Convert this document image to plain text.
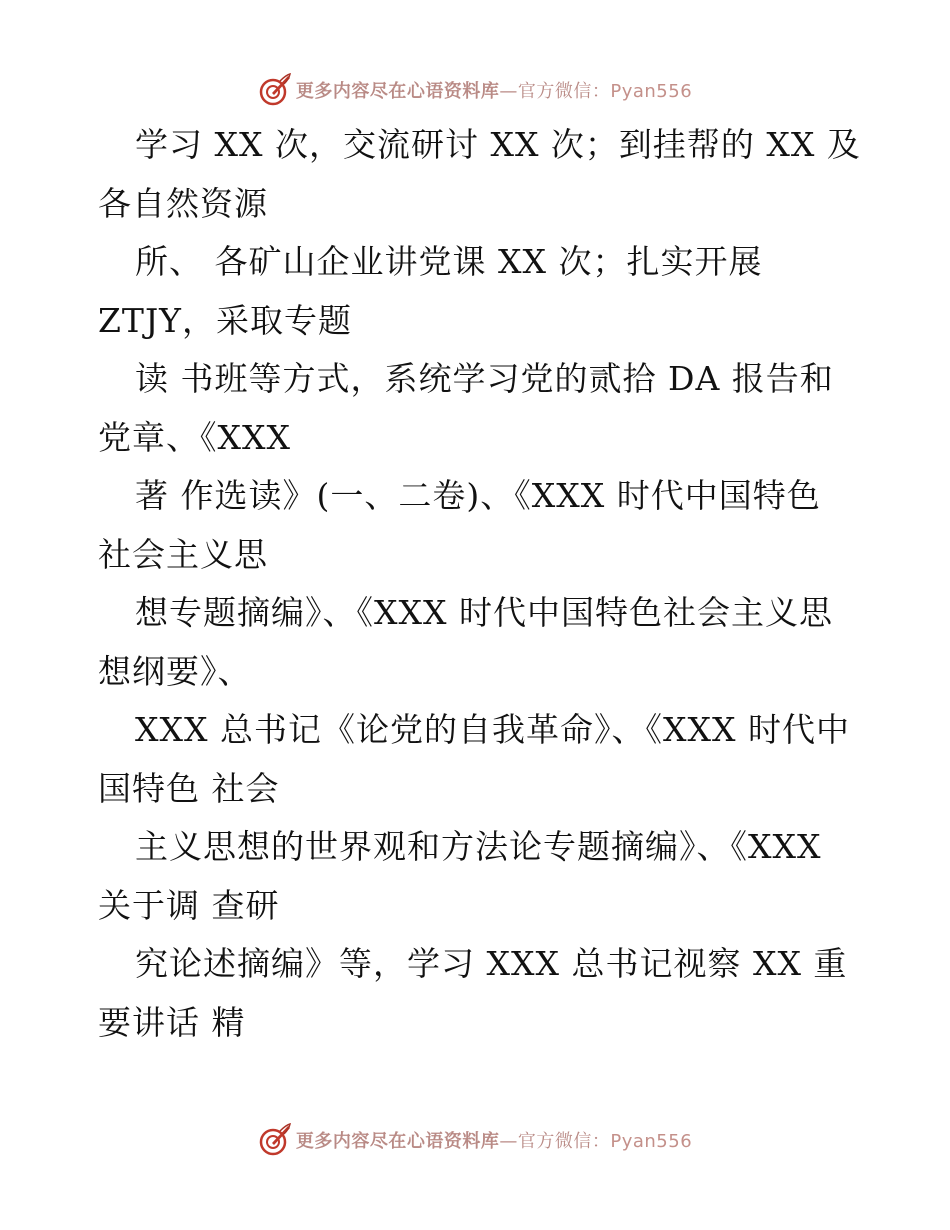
更多内容尽在心语资料库—官方微信：Pyan556
学习 XX 次，交流研讨 XX 次；到挂帮的 XX 及
各自然资源
所、 各矿山企业讲党课 XX 次；扎实开展
ZTJY，采取专题
读 书班等方式，系统学习党的贰拾 DA 报告和
党章、《XXX
著 作选读》(一、二卷)、《XXX 时代中国特色
社会主义思
想专题摘编》、《XXX 时代中国特色社会主义思
想纲要》、
XXX 总书记《论党的自我革命》、《XXX 时代中
国特色 社会
主义思想的世界观和方法论专题摘编》、《XXX
关于调 查研
究论述摘编》等，学习 XXX 总书记视察 XX 重
要讲话 精
更多内容尽在心语资料库—官方微信：Pyan556
